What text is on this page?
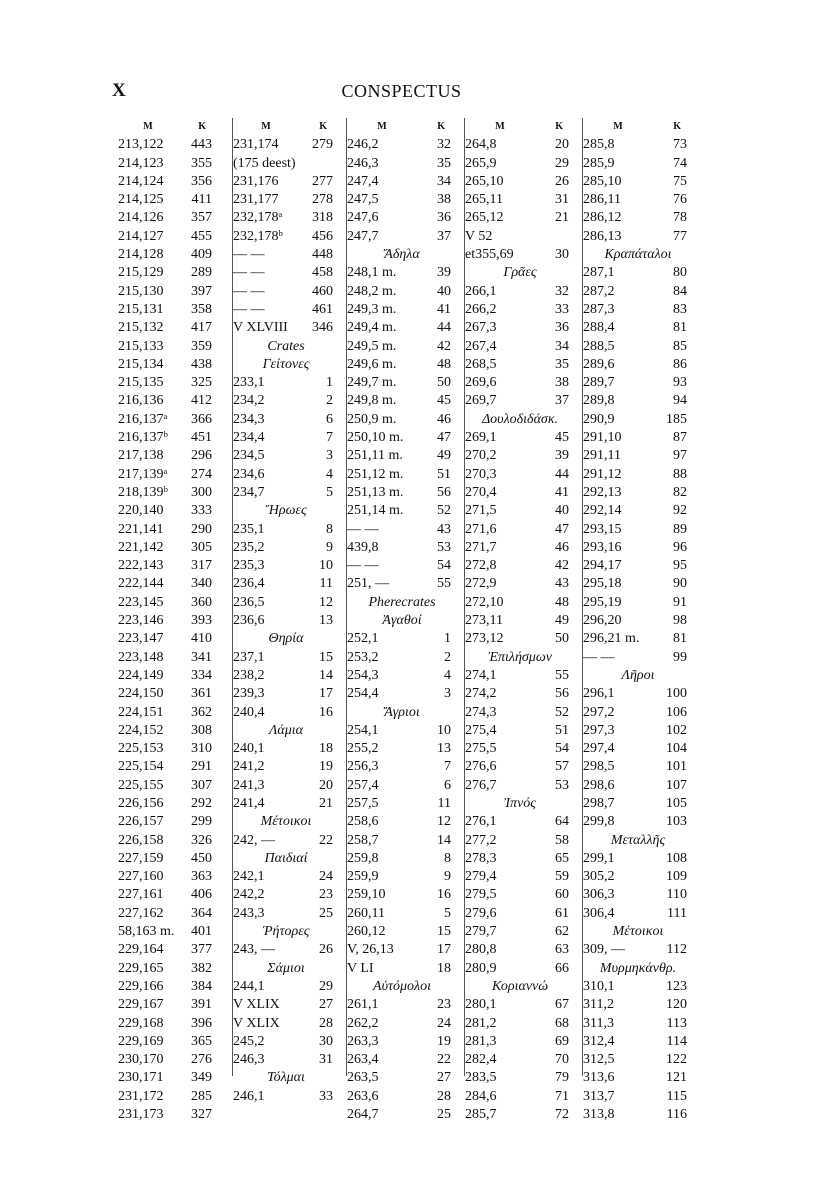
X	CONSPECTUS
M	K
213,122	443
214,123	355
214,124	356
214,125	411
214,126	357
214,127	455
214,128	409
215,129	289
215,130	397
215,131	358
215,132	417
215,133	359
215,134	438
215,135	325
216,136	412
216,137ᵃ	366
216,137ᵇ	451
217,138	296
217,139ᵃ	274
218,139ᵇ	300
220,140	333
221,141	290
221,142	305
222,143	317
222,144	340
223,145	360
223,146	393
223,147	410
223,148	341
224,149	334
224,150	361
224,151	362
224,152	308
225,153	310
225,154	291
225,155	307
226,156	292
226,157	299
226,158	326
227,159	450
227,160	363
227,161	406
227,162	364
58,163 m.	401
229,164	377
229,165	382
229,166	384
229,167	391
229,168	396
229,169	365
230,170	276
230,171	349
231,172	285
231,173	327
M	K
231,174	279
(175 deest)
231,176	277
231,177	278
232,178ᵃ	318
232,178ᵇ	456
— —	448
— —	458
— —	460
— —	461
V XLVIII	346
Crates
Γείτονες
233,1	1
234,2	2
234,3	6
234,4	7
234,5	3
234,6	4
234,7	5
Ἥρωες
235,1	8
235,2	9
235,3	10
236,4	11
236,5	12
236,6	13
Θηρία
237,1	15
238,2	14
239,3	17
240,4	16
Λάμια
240,1	18
241,2	19
241,3	20
241,4	21
Μέτοικοι
242, —	22
Παιδιαί
242,1	24
242,2	23
243,3	25
Ῥήτορες
243, —	26
Σάμιοι
244,1	29
V XLIX	27
V XLIX	28
245,2	30
246,3	31
Τόλμαι
246,1	33
M	K
246,2	32
246,3	35
247,4	34
247,5	38
247,6	36
247,7	37
Ἄδηλα
248,1 m.	39
248,2 m.	40
249,3 m.	41
249,4 m.	44
249,5 m.	42
249,6 m.	48
249,7 m.	50
249,8 m.	45
250,9 m.	46
250,10 m.	47
251,11 m.	49
251,12 m.	51
251,13 m.	56
251,14 m.	52
— —	43
439,8	53
— —	54
251, —	55
Pherecrates
Ἀγαθοί
252,1	1
253,2	2
254,3	4
254,4	3
Ἄγριοι
254,1	10
255,2	13
256,3	7
257,4	6
257,5	11
258,6	12
258,7	14
259,8	8
259,9	9
259,10	16
260,11	5
260,12	15
V, 26,13	17
V LI	18
Αὐτόμολοι
261,1	23
262,2	24
263,3	19
263,4	22
263,5	27
263,6	28
264,7	25
M	K
264,8	20
265,9	29
265,10	26
265,11	31
265,12	21
V 52
et355,69	30
Γρᾶες
266,1	32
266,2	33
267,3	36
267,4	34
268,5	35
269,6	38
269,7	37
Δουλοδιδάσκ.
269,1	45
270,2	39
270,3	44
270,4	41
271,5	40
271,6	47
271,7	46
272,8	42
272,9	43
272,10	48
273,11	49
273,12	50
Ἐπιλήσμων
274,1	55
274,2	56
274,3	52
275,4	51
275,5	54
276,6	57
276,7	53
Ἰπνός
276,1	64
277,2	58
278,3	65
279,4	59
279,5	60
279,6	61
279,7	62
280,8	63
280,9	66
Κοριαννώ
280,1	67
281,2	68
281,3	69
282,4	70
283,5	79
284,6	71
285,7	72
M	K
285,8	73
285,9	74
285,10	75
286,11	76
286,12	78
286,13	77
Κραπάταλοι
287,1	80
287,2	84
287,3	83
288,4	81
288,5	85
289,6	86
289,7	93
289,8	94
290,9	185
291,10	87
291,11	97
291,12	88
292,13	82
292,14	92
293,15	89
293,16	96
294,17	95
295,18	90
295,19	91
296,20	98
296,21 m.	81
— —	99
Λῆροι
296,1	100
297,2	106
297,3	102
297,4	104
298,5	101
298,6	107
298,7	105
299,8	103
Μεταλλῆς
299,1	108
305,2	109
306,3	110
306,4	111
Μέτοικοι
309, —	112
Μυρμηκάνθρ.
310,1	123
311,2	120
311,3	113
312,4	114
312,5	122
313,6	121
313,7	115
313,8	116
